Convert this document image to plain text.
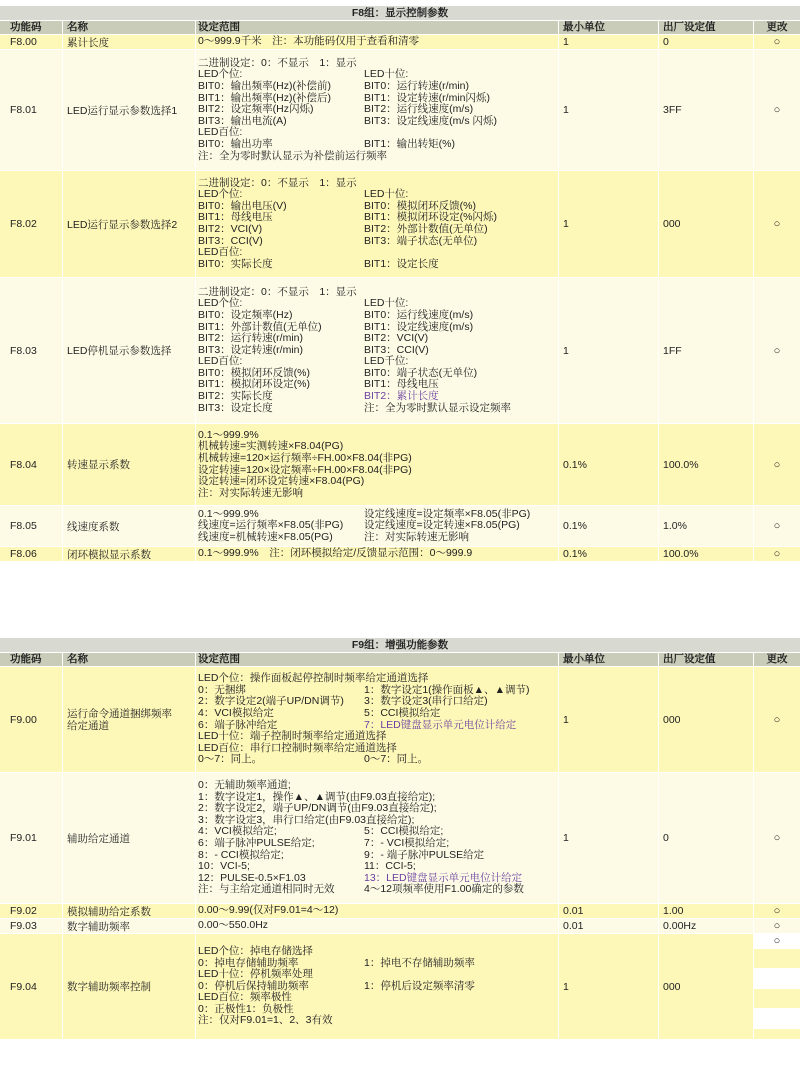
F8组：显示控制参数
功能码	名称	设定范围	最小单位	出厂设定值	更改
F8.00	累计长度	0～999.9千米　注：本功能码仅用于查看和清零	1	0	○
F8.01	LED运行显示参数选择1
二进制设定：0：不显示　1：显示
LED个位:	LED十位:
BIT0：输出频率(Hz)(补偿前)	BIT0：运行转速(r/min)
BIT1：输出频率(Hz)(补偿后)	BIT1：设定转速(r/min闪烁)
BIT2：设定频率(Hz闪烁)	BIT2：运行线速度(m/s)
BIT3：输出电流(A)	BIT3：设定线速度(m/s 闪烁)
LED百位:
BIT0：输出功率	BIT1：输出转矩(%)
注：全为零时默认显示为补偿前运行频率
1	3FF	○
F8.02	LED运行显示参数选择2
二进制设定：0：不显示　1：显示
LED个位:	LED十位:
BIT0：输出电压(V)	BIT0：模拟闭环反馈(%)
BIT1：母线电压	BIT1：模拟闭环设定(%闪烁)
BIT2：VCI(V)	BIT2：外部计数值(无单位)
BIT3：CCI(V)	BIT3：端子状态(无单位)
LED百位:
BIT0：实际长度	BIT1：设定长度
1	000	○
F8.03	LED停机显示参数选择
二进制设定：0：不显示　1：显示
LED个位:	LED十位:
BIT0：设定频率(Hz)	BIT0：运行线速度(m/s)
BIT1：外部计数值(无单位)	BIT1：设定线速度(m/s)
BIT2：运行转速(r/min)	BIT2：VCI(V)
BIT3：设定转速(r/min)	BIT3：CCI(V)
LED百位:	LED千位:
BIT0：模拟闭环反馈(%)	BIT0：端子状态(无单位)
BIT1：模拟闭环设定(%)	BIT1：母线电压
BIT2：实际长度	BIT2：累计长度
BIT3：设定长度	注：全为零时默认显示设定频率
1	1FF	○
F8.04	转速显示系数
0.1～999.9%
机械转速=实测转速×F8.04(PG)
机械转速=120×运行频率÷FH.00×F8.04(非PG)
设定转速=120×设定频率÷FH.00×F8.04(非PG)
设定转速=闭环设定转速×F8.04(PG)
注：对实际转速无影响
0.1%	100.0%	○
F8.05	线速度系数
0.1～999.9%	设定线速度=设定频率×F8.05(非PG)
线速度=运行频率×F8.05(非PG)	设定线速度=设定转速×F8.05(PG)
线速度=机械转速×F8.05(PG)	注：对实际转速无影响
0.1%	1.0%	○
F8.06	闭环模拟显示系数	0.1～999.9%　注：闭环模拟给定/反馈显示范围：0～999.9	0.1%	100.0%	○
F9组：增强功能参数
功能码	名称	设定范围	最小单位	出厂设定值	更改
F9.00	运行命令通道捆绑频率
给定通道
LED个位：操作面板起停控制时频率给定通道选择
0：无捆绑	1：数字设定1(操作面板▲、▲调节)
2：数字设定2(端子UP/DN调节)	3：数字设定3(串行口给定)
4：VCI模拟给定	5：CCI模拟给定
6：端子脉冲给定	7：LED键盘显示单元电位计给定
LED十位：端子控制时频率给定通道选择
LED百位：串行口控制时频率给定通道选择
0～7：同上。	0～7：同上。
1	000	○
F9.01	辅助给定通道
0：无辅助频率通道;
1：数字设定1，操作▲、▲调节(由F9.03直接给定);
2：数字设定2，端子UP/DN调节(由F9.03直接给定);
3：数字设定3，串行口给定(由F9.03直接给定);
4：VCI模拟给定;	5：CCI模拟给定;
6：端子脉冲PULSE给定;	7：- VCI模拟给定;
8：- CCI模拟给定;	9：- 端子脉冲PULSE给定
10：VCI-5;	11：CCI-5;
12：PULSE-0.5×F1.03	13：LED键盘显示单元电位计给定
注：与主给定通道相同时无效	4～12项频率使用F1.00确定的参数
1	0	○
F9.02	模拟辅助给定系数	0.00～9.99(仅对F9.01=4～12)	0.01	1.00	○
F9.03	数字辅助频率	0.00～550.0Hz	0.01	0.00Hz	○
F9.04	数字辅助频率控制
LED个位：掉电存储选择
0：掉电存储辅助频率	1：掉电不存储辅助频率
LED十位：停机频率处理
0：停机后保持辅助频率	1：停机后设定频率清零
LED百位：频率极性
0：正极性1：负极性
注：仅对F9.01=1、2、3有效
1	000
○
